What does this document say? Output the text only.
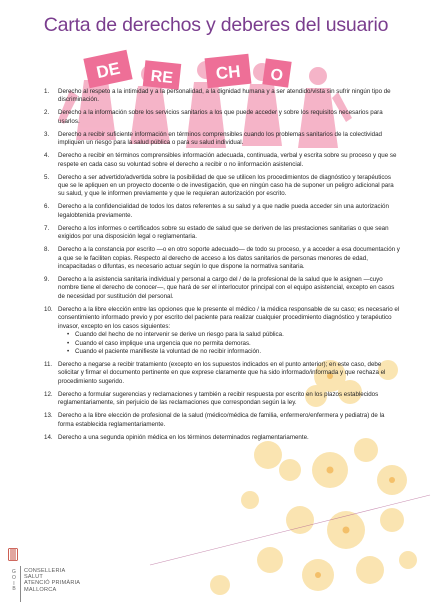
DE RE CH O
Carta de derechos y deberes del usuario
1. Derecho al respeto a la intimidad y a la personalidad, a la dignidad humana y a ser atendido/vista sin sufrir ningún tipo de discriminación.
2. Derecho a la información sobre los servicios sanitarios a los que puede acceder y sobre los requisitos necesarios para usarlos.
3. Derecho a recibir suficiente información en términos comprensibles cuando los problemas sanitarios de la colectividad impliquen un riesgo para la salud pública o para su salud individual.
4. Derecho a recibir en términos comprensibles información adecuada, continuada, verbal y escrita sobre su proceso y que se respete en cada caso su voluntad sobre el derecho a recibir o no iinformación asistencial.
5. Derecho a ser advertido/advertida sobre la posibilidad de que se utilicen los procedimientos de diagnóstico y terapéuticos que se le apliquen en un proyecto docente o de investigación, que en ningún caso ha de suponer un peligro adicional para su salud, y que le informen previamente y que le requieran autorización por escrito.
6. Derecho a la confidencialidad de todos los datos referentes a su salud y a que nadie pueda acceder sin una autorización legalobtenida previamente.
7. Derecho a los informes o certificados sobre su estado de salud que se deriven de las prestaciones sanitarias o que sean exigidos por una disposición legal o reglamentaria.
8. Derecho a la constancia por escrito —o en otro soporte adecuado— de todo su proceso, y a acceder a esa documentación y a que se le faciliten copias. Respecto al derecho de acceso a los datos sanitarios de personas menores de edad, incapacitadas o difuntas, es necesario actuar según lo que dispone la normativa sanitaria.
9. Derecho a la asistencia sanitaria individual y personal a cargo del / de la profesional de la salud que le asignen —cuyo nombre tiene el derecho de conocer—, que hará de ser el interlocutor principal con el equipo asistencial, excepto en casos de necesidad por sustitución del personal.
10. Derecho a la libre elección entre las opciones que le presente el médico / la médica responsable de su caso; es necesario el consentimiento informado previo y por escrito del paciente para realizar cualquier procedimiento diagnóstico y terapéutico invasor, excepto en los casos siguientes:
• Cuando del hecho de no intervenir se derive un riesgo para la salud pública.
• Cuando el caso implique una urgencia que no permita demoras.
• Cuando el paciente manifieste la voluntad de no recibir información.
11. Derecho a negarse a recibir tratamiento (excepto en los supuestos indicados en el punto anterior); en este caso, debe solicitar y firmar el documento pertinente en que exprese claramente que ha sido informado/informada y que rechaza el procedimiento sugerido.
12. Derecho a formular sugerencias y reclamaciones y también a recibir respuesta por escrito en los plazos establecidos reglamentariamente, sin perjuicio de las reclamaciones que correspondan según la ley.
13. Derecho a la libre elección de profesional de la salud (médico/médica de familia, enfermero/enfermera y pediatra) de la forma establecida reglamentariamente.
14. Derecho a una segunda opinión médica en los términos determinados reglamentariamente.
G
O
I
B
CONSELLERIA
SALUT
ATENCIÓ PRIMÀRIA
MALLORCA
